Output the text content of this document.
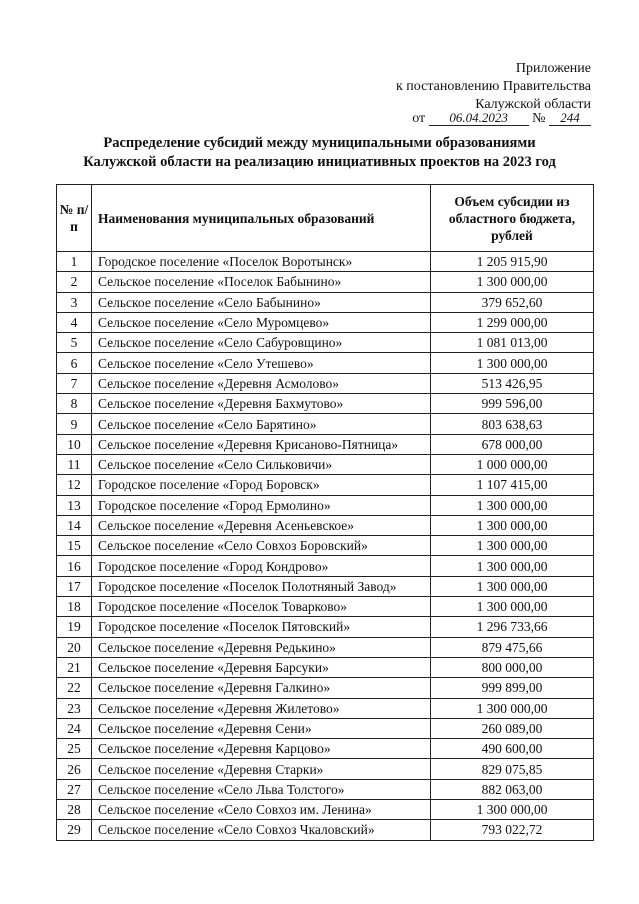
Приложение
к постановлению Правительства
Калужской области
от 06.04.2023 № 244
Распределение субсидий между муниципальными образованиями
Калужской области на реализацию инициативных проектов на 2023 год
№ п/п	Наименования муниципальных образований	Объем субсидии из областного бюджета, рублей
1	Городское поселение «Поселок Воротынск»	1 205 915,90
2	Сельское поселение «Поселок Бабынино»	1 300 000,00
3	Сельское поселение «Село Бабынино»	379 652,60
4	Сельское поселение «Село Муромцево»	1 299 000,00
5	Сельское поселение «Село Сабуровщино»	1 081 013,00
6	Сельское поселение «Село Утешево»	1 300 000,00
7	Сельское поселение «Деревня Асмолово»	513 426,95
8	Сельское поселение «Деревня Бахмутово»	999 596,00
9	Сельское поселение «Село Барятино»	803 638,63
10	Сельское поселение «Деревня Крисаново-Пятница»	678 000,00
11	Сельское поселение «Село Сильковичи»	1 000 000,00
12	Городское поселение «Город Боровск»	1 107 415,00
13	Городское поселение «Город Ермолино»	1 300 000,00
14	Сельское поселение «Деревня Асеньевское»	1 300 000,00
15	Сельское поселение «Село Совхоз Боровский»	1 300 000,00
16	Городское поселение «Город Кондрово»	1 300 000,00
17	Городское поселение «Поселок Полотняный Завод»	1 300 000,00
18	Городское поселение «Поселок Товарково»	1 300 000,00
19	Городское поселение «Поселок Пятовский»	1 296 733,66
20	Сельское поселение «Деревня Редькино»	879 475,66
21	Сельское поселение «Деревня Барсуки»	800 000,00
22	Сельское поселение «Деревня Галкино»	999 899,00
23	Сельское поселение «Деревня Жилетово»	1 300 000,00
24	Сельское поселение «Деревня Сени»	260 089,00
25	Сельское поселение «Деревня Карцово»	490 600,00
26	Сельское поселение «Деревня Старки»	829 075,85
27	Сельское поселение «Село Льва Толстого»	882 063,00
28	Сельское поселение «Село Совхоз им. Ленина»	1 300 000,00
29	Сельское поселение «Село Совхоз Чкаловский»	793 022,72
